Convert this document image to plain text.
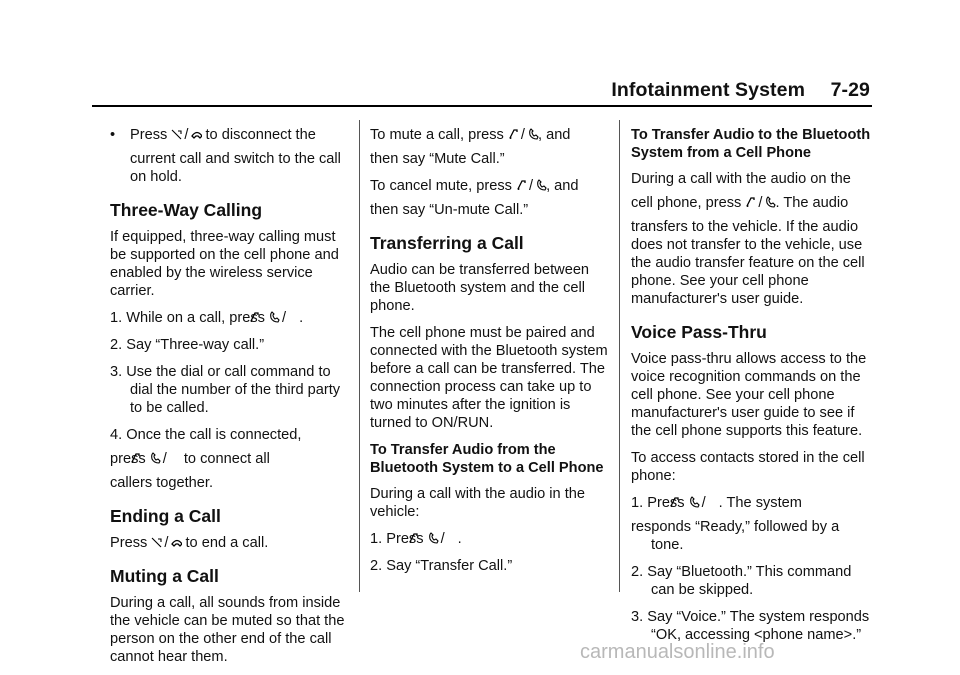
Infotainment System 7-29
• Press / to disconnect the
current call and switch to the call on hold.
Three-Way Calling

If equipped, three-way calling must be supported on the cell phone and enabled by the wireless service carrier.

1. While on a call, press / .

2. Say “Three-way call.”

3. Use the dial or call command to dial the number of the third party to be called.

4. Once the call is connected,
press / to connect all
callers together.

Ending a Call

Press / to end a call.

Muting a Call

During a call, all sounds from inside the vehicle can be muted so that the person on the other end of the call cannot hear them.

To mute a call, press / , and
then say “Mute Call.”

To cancel mute, press / , and
then say “Un-mute Call.”

Transferring a Call

Audio can be transferred between the Bluetooth system and the cell phone.

The cell phone must be paired and connected with the Bluetooth system before a call can be transferred. The connection process can take up to two minutes after the ignition is turned to ON/RUN.

To Transfer Audio from the Bluetooth System to a Cell Phone

During a call with the audio in the vehicle:

1. Press / .

2. Say “Transfer Call.”

To Transfer Audio to the Bluetooth System from a Cell Phone

During a call with the audio on the
cell phone, press / . The audio
transfers to the vehicle. If the audio does not transfer to the vehicle, use the audio transfer feature on the cell phone. See your cell phone manufacturer's user guide.

Voice Pass-Thru

Voice pass-thru allows access to the voice recognition commands on the cell phone. See your cell phone manufacturer's user guide to see if the cell phone supports this feature.

To access contacts stored in the cell phone:

1. Press / . The system
responds “Ready,” followed by a tone.

2. Say “Bluetooth.” This command can be skipped.

3. Say “Voice.” The system responds “OK, accessing <phone name>.”

carmanualsonline.info
